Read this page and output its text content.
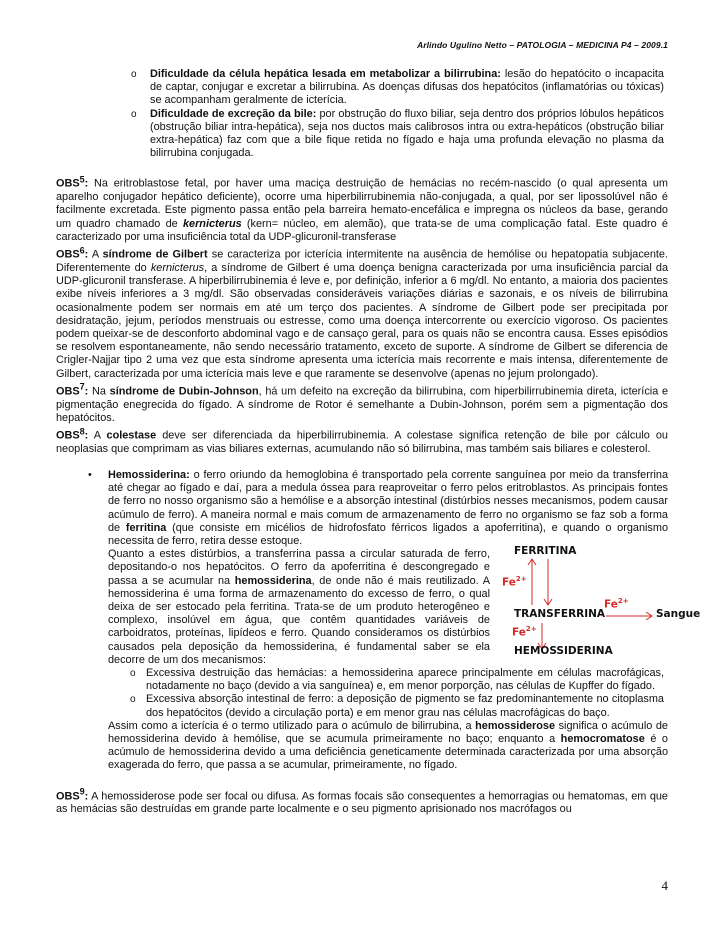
Arlindo Ugulino Netto – PATOLOGIA – MEDICINA P4 – 2009.1
o Dificuldade da célula hepática lesada em metabolizar a bilirrubina: lesão do hepatócito o incapacita de captar, conjugar e excretar a bilirrubina. As doenças difusas dos hepatócitos (inflamatórias ou tóxicas) se acompanham geralmente de icterícia.
o Dificuldade de excreção da bile: por obstrução do fluxo biliar, seja dentro dos próprios lóbulos hepáticos (obstrução biliar intra-hepática), seja nos ductos mais calibrosos intra ou extra-hepáticos (obstrução biliar extra-hepática) faz com que a bile fique retida no fígado e haja uma profunda elevação no plasma da bilirrubina conjugada.

OBS$^5$: Na eritroblastose fetal, por haver uma maciça destruição de hemácias no recém-nascido (o qual apresenta um aparelho conjugador hepático deficiente), ocorre uma hiperbilirrubinemia não-conjugada, a qual, por ser lipossolúvel não é facilmente excretada. Este pigmento passa então pela barreira hemato-encefálica e impregna os núcleos da base, gerando um quadro chamado de kernicterus (kern= núcleo, em alemão), que trata-se de uma complicação fatal. Este quadro é caracterizado por uma insuficiência total da UDP-glicuronil-transferase

OBS$^6$: A síndrome de Gilbert se caracteriza por icterícia intermitente na ausência de hemólise ou hepatopatia subjacente. Diferentemente do kernicterus, a síndrome de Gilbert é uma doença benigna caracterizada por uma insuficiência parcial da UDP-glicuronil transferase. A hiperbilirrubinemia é leve e, por definição, inferior a 6 mg/dl. No entanto, a maioria dos pacientes exibe níveis inferiores a 3 mg/dl. São observadas consideráveis variações diárias e sazonais, e os níveis de bilirrubina ocasionalmente podem ser normais em até um terço dos pacientes. A síndrome de Gilbert pode ser precipitada por desidratação, jejum, períodos menstruais ou estresse, como uma doença intercorrente ou exercício vigoroso. Os pacientes podem queixar-se de desconforto abdominal vago e de cansaço geral, para os quais não se encontra causa. Esses episódios se resolvem espontaneamente, não sendo necessário tratamento, exceto de suporte. A síndrome de Gilbert se diferencia de Crigler-Najjar tipo 2 uma vez que esta síndrome apresenta uma icterícia mais recorrente e mais intensa, diferentemente de Gilbert, caracterizada por uma icterícia mais leve e que raramente se desenvolve (apenas no jejum prolongado).

OBS$^7$: Na síndrome de Dubin-Johnson, há um defeito na excreção da bilirrubina, com hiperbilirrubinemia direta, icterícia e pigmentação enegrecida do fígado. A síndrome de Rotor é semelhante a Dubin-Johnson, porém sem a pigmentação dos hepatócitos.

OBS$^8$: A colestase deve ser diferenciada da hiperbilirrubinemia. A colestase significa retenção de bile por cálculo ou neoplasias que comprimam as vias biliares externas, acumulando não só bilirrubina, mas também sais biliares e colesterol.

• Hemossiderina: o ferro oriundo da hemoglobina é transportado pela corrente sanguínea por meio da transferrina até chegar ao fígado e daí, para a medula óssea para reaproveitar o ferro pelos eritroblastos. As principais fontes de ferro no nosso organismo são a hemólise e a absorção intestinal (distúrbios nesses mecanismos, podem causar acúmulo de ferro). A maneira normal e mais comum de armazenamento de ferro no organismo se faz sob a forma de ferritina (que consiste em micélios de hidrofosfato férricos ligados a apoferritina), e quando o organismo necessita de ferro, retira desse estoque.

Quanto a estes distúrbios, a transferrina passa a circular saturada de ferro, depositando-o nos hepatócitos. O ferro da apoferritina é descongregado e passa a se acumular na hemossiderina, de onde não é mais reutilizado. A hemossiderina é uma forma de armazenamento do excesso de ferro, o qual deixa de ser estocado pela ferritina. Trata-se de um produto heterogêneo e complexo, insolúvel em água, que contêm quantidades variáveis de carboidratos, proteínas, lipídeos e ferro. Quando consideramos os distúrbios causados pela deposição da hemossiderina, é fundamental saber se ela decorre de um dos mecanismos:

o Excessiva destruição das hemácias: a hemossiderina aparece principalmente em células macrofágicas, notadamente no baço (devido a via sanguínea) e, em menor porporção, nas células de Kupffer do fígado.
o Excessiva absorção intestinal de ferro: a deposição de pigmento se faz predominantemente no citoplasma dos hepatócitos (devido a circulação porta) e em menor grau nas células macrofágicas do baço.

Assim como a icterícia é o termo utilizado para o acúmulo de bilirrubina, a hemossiderose significa o acúmulo de hemossiderina devido à hemólise, que se acumula primeiramente no baço; enquanto a hemocromatose é o acúmulo de hemossiderina devido a uma deficiência geneticamente determinada caracterizada por uma absorção exagerada do ferro, que passa a se acumular, primeiramente, no fígado.

OBS$^9$: A hemossiderose pode ser focal ou difusa. As formas focais são consequentes a hemorragias ou hematomas, em que as hemácias são destruídas em grande parte localmente e o seu pigmento aprisionado nos macrófagos ou

FERRITINA
$Fe^{2+}$
TRANSFERRINA
$Fe^{2+}$
Sangue
$Fe^{2+}$
HEMOSSIDERINA
4
